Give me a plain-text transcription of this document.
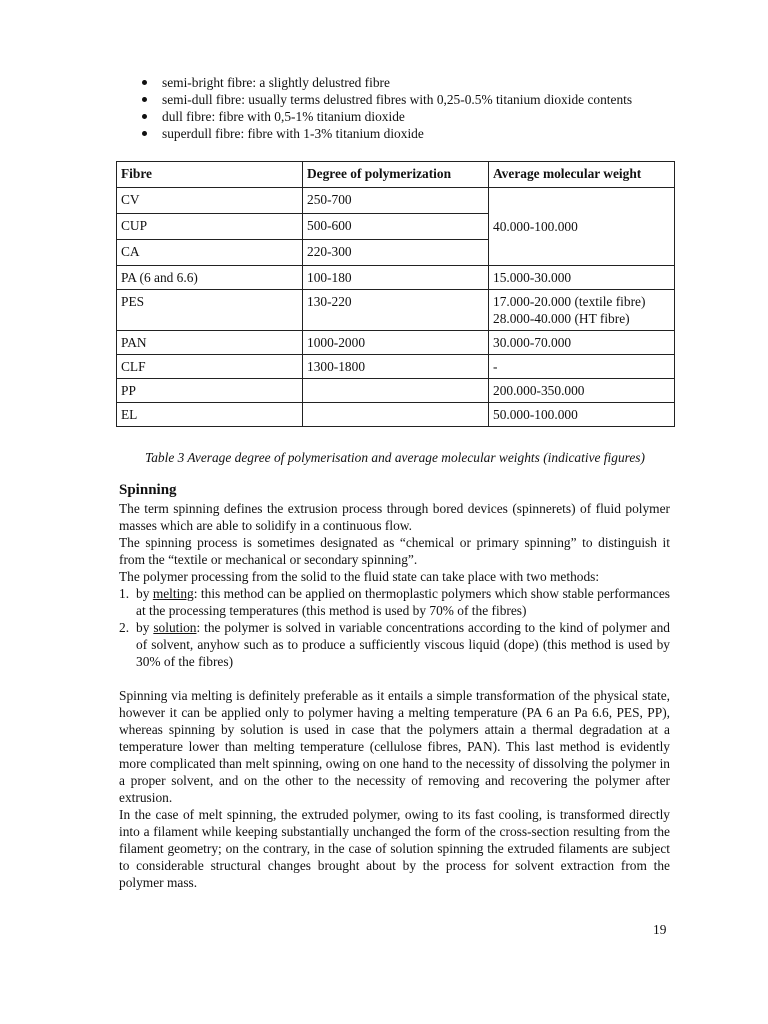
semi-bright fibre: a slightly delustred fibre
semi-dull fibre: usually terms delustred fibres with 0,25-0.5% titanium dioxide contents
dull fibre: fibre with 0,5-1% titanium dioxide
superdull fibre: fibre with 1-3% titanium dioxide
Fibre	Degree of polymerization	Average molecular weight
CV	250-700	40.000-100.000
CUP	500-600	
CA	220-300	
PA (6 and 6.6)	100-180	15.000-30.000
PES	130-220	17.000-20.000 (textile fibre)
28.000-40.000 (HT fibre)

PAN	1000-2000	30.000-70.000
CLF	1300-1800	-
PP		200.000-350.000
EL		50.000-100.000
Table 3 Average degree of polymerisation and average molecular weights (indicative figures)
Spinning

The term spinning defines the extrusion process through bored devices (spinnerets) of fluid polymer masses which are able to solidify in a continuous flow.

The spinning process is sometimes designated as “chemical or primary spinning” to distinguish it from the “textile or mechanical or secondary spinning”.

The polymer processing from the solid to the fluid state can take place with two methods:

1. by melting: this method can be applied on thermoplastic polymers which show stable performances at the processing temperatures (this method is used by 70% of the fibres)

2. by solution: the polymer is solved in variable concentrations according to the kind of polymer and of solvent, anyhow such as to produce a sufficiently viscous liquid (dope) (this method is used by 30% of the fibres)

Spinning via melting is definitely preferable as it entails a simple transformation of the physical state, however it can be applied only to polymer having a melting temperature (PA 6 an Pa 6.6, PES, PP), whereas spinning by solution is used in case that the polymers attain a thermal degradation at a temperature lower than melting temperature (cellulose fibres, PAN). This last method is evidently more complicated than melt spinning, owing on one hand to the necessity of dissolving the polymer in a proper solvent, and on the other to the necessity of removing and recovering the polymer after extrusion.

In the case of melt spinning, the extruded polymer, owing to its fast cooling, is transformed directly into a filament while keeping substantially unchanged the form of the cross-section resulting from the filament geometry; on the contrary, in the case of solution spinning the extruded filaments are subject to considerable structural changes brought about by the process for solvent extraction from the polymer mass.

19
